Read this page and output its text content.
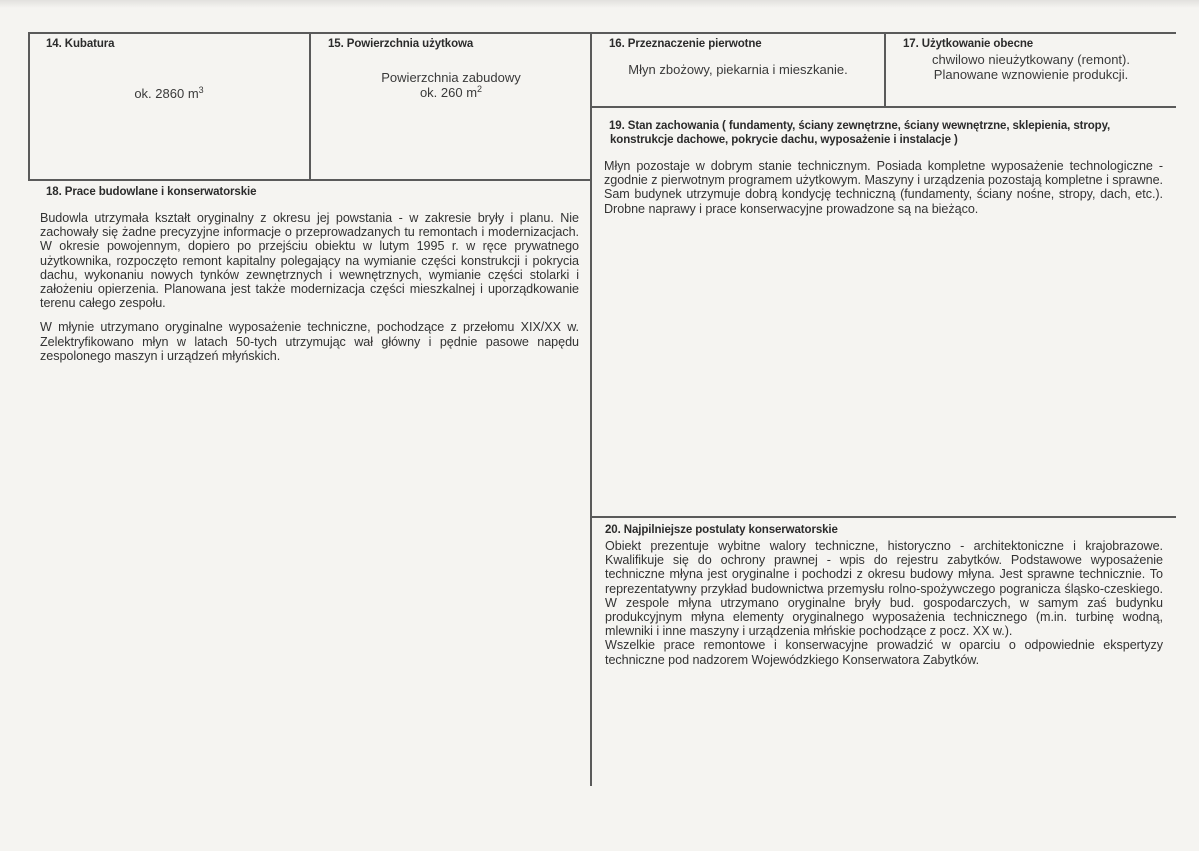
14. Kubatura
ok. 2860 $m^3$
15. Powierzchnia użytkowa
Powierzchnia zabudowy
ok. 260 $m^2$
16. Przeznaczenie pierwotne
Młyn zbożowy, piekarnia i mieszkanie.
17. Użytkowanie obecne
chwilowo nieużytkowany (remont).
Planowane wznowienie produkcji.
18. Prace budowlane i konserwatorskie

Budowla utrzymała kształt oryginalny z okresu jej powstania - w zakresie bryły i planu. Nie zachowały się żadne precyzyjne informacje o przeprowadzanych tu remontach i modernizacjach. W okresie powojennym, dopiero po przejściu obiektu w lutym 1995 r. w ręce prywatnego użytkownika, rozpoczęto remont kapitalny polegający na wymianie części konstrukcji i pokrycia dachu, wykonaniu nowych tynków zewnętrznych i wewnętrznych, wymianie części stolarki i założeniu opierzenia. Planowana jest także modernizacja części mieszkalnej i uporządkowanie terenu całego zespołu.

W młynie utrzymano oryginalne wyposażenie techniczne, pochodzące z przełomu XIX/XX w. Zelektryfikowano młyn w latach 50-tych utrzymując wał główny i pędnie pasowe napędu zespolonego maszyn i urządzeń młyńskich.

19. Stan zachowania ( fundamenty, ściany zewnętrzne, ściany wewnętrzne, sklepienia, stropy,
konstrukcje dachowe, pokrycie dachu, wyposażenie i instalacje )
Młyn pozostaje w dobrym stanie technicznym. Posiada kompletne wyposażenie technologiczne - zgodnie z pierwotnym programem użytkowym. Maszyny i urządzenia pozostają kompletne i sprawne. Sam budynek utrzymuje dobrą kondycję techniczną (fundamenty, ściany nośne, stropy, dach, etc.). Drobne naprawy i prace konserwacyjne prowadzone są na bieżąco.
20. Najpilniejsze postulaty konserwatorskie

Obiekt prezentuje wybitne walory techniczne, historyczno - architektoniczne i krajobrazowe. Kwalifikuje się do ochrony prawnej - wpis do rejestru zabytków. Podstawowe wyposażenie techniczne młyna jest oryginalne i pochodzi z okresu budowy młyna. Jest sprawne technicznie. To reprezentatywny przykład budownictwa przemysłu rolno-spożywczego pogranicza śląsko-czeskiego. W zespole młyna utrzymano oryginalne bryły bud. gospodarczych, w samym zaś budynku produkcyjnym młyna elementy oryginalnego wyposażenia technicznego (m.in. turbinę wodną, mlewniki i inne maszyny i urządzenia młńskie pochodzące z pocz. XX w.).

Wszelkie prace remontowe i konserwacyjne prowadzić w oparciu o odpowiednie ekspertyzy techniczne pod nadzorem Wojewódzkiego Konserwatora Zabytków.
